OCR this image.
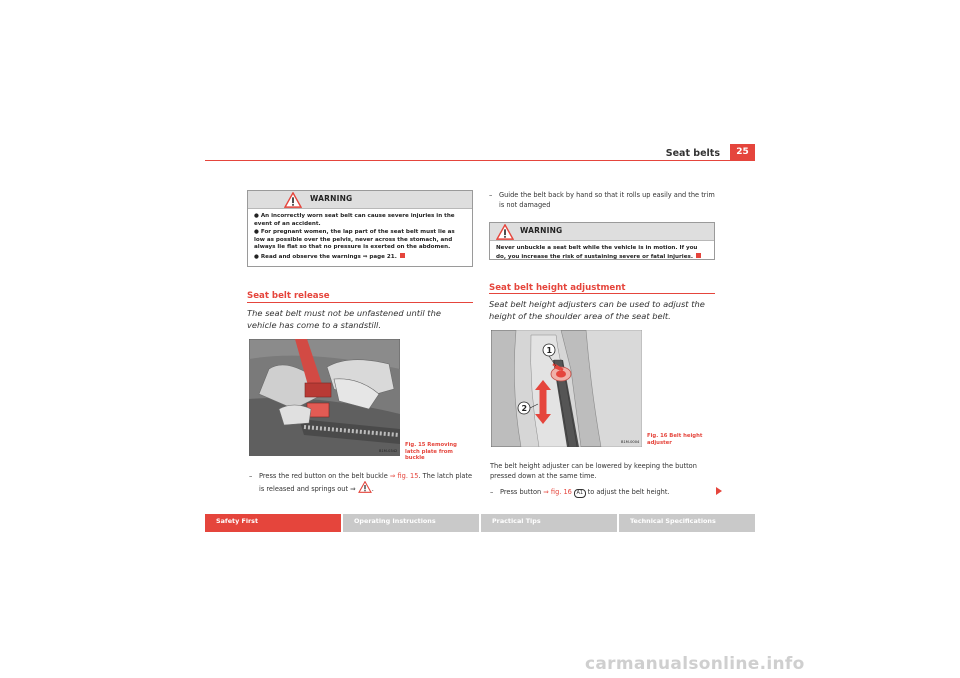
Seat belts	25
WARNING

● An incorrectly worn seat belt can cause severe injuries in the event of an accident.

● For pregnant women, the lap part of the seat belt must lie as low as possible over the pelvis, never across the stomach, and always lie flat so that no pressure is exerted on the abdomen.

● Read and observe the warnings ⇒ page 21.

Seat belt release
The seat belt must not be unfastened until the vehicle has come to a standstill.
B1M-0342
Fig. 15 Removing latch plate from buckle
–	Press the red button on the belt buckle ⇒ fig. 15. The latch plate is released and springs out ⇒ .
–	Guide the belt back by hand so that it rolls up easily and the trim is not damaged
WARNING

Never unbuckle a seat belt while the vehicle is in motion. If you do, you increase the risk of sustaining severe or fatal injuries.

Seat belt height adjustment
Seat belt height adjusters can be used to adjust the height of the shoulder area of the seat belt.
1
2
B1M-0004
Fig. 16 Belt height adjuster
The belt height adjuster can be lowered by keeping the button pressed down at the same time.
–	Press button ⇒ fig. 16 A1 to adjust the belt height.
Safety First	Operating Instructions	Practical Tips	Technical Specifications
carmanualsonline.info
